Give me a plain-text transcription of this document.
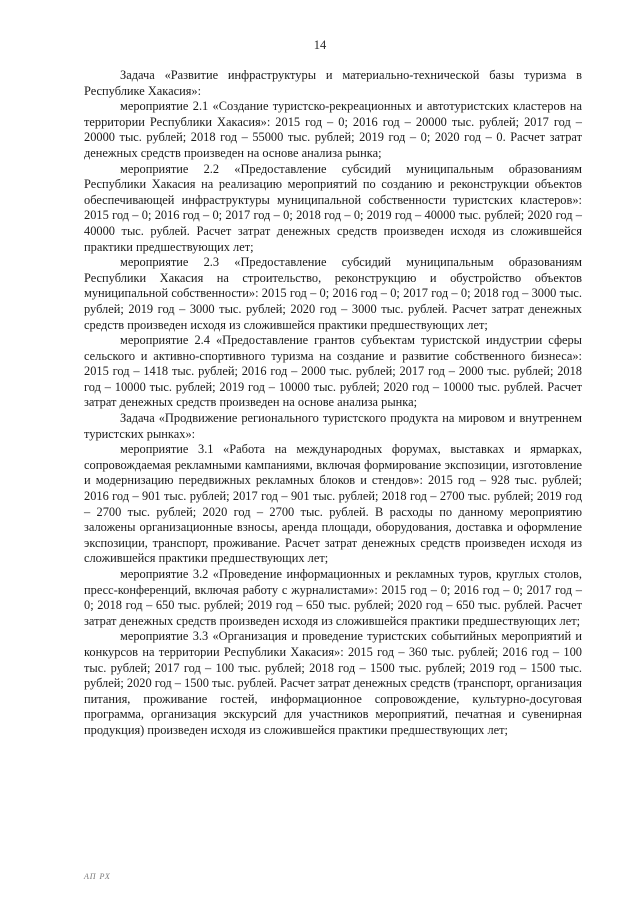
14

Задача «Развитие инфраструктуры и материально-технической базы туризма в Республике Хакасия»:

мероприятие 2.1 «Создание туристско-рекреационных и автотуристских кластеров на территории Республики Хакасия»: 2015 год – 0; 2016 год – 20000 тыс. рублей; 2017 год – 20000 тыс. рублей; 2018 год – 55000 тыс. рублей; 2019 год – 0; 2020 год – 0. Расчет затрат денежных средств произведен на основе анализа рынка;

мероприятие 2.2 «Предоставление субсидий муниципальным образованиям Республики Хакасия на реализацию мероприятий по созданию и реконструкции объектов обеспечивающей инфраструктуры муниципальной собственности туристских кластеров»: 2015 год – 0; 2016 год – 0; 2017 год – 0; 2018 год – 0; 2019 год – 40000 тыс. рублей; 2020 год – 40000 тыс. рублей. Расчет затрат денежных средств произведен исходя из сложившейся практики предшествующих лет;

мероприятие 2.3 «Предоставление субсидий муниципальным образованиям Республики Хакасия на строительство, реконструкцию и обустройство объектов муниципальной собственности»: 2015 год – 0; 2016 год – 0; 2017 год – 0; 2018 год – 3000 тыс. рублей; 2019 год – 3000 тыс. рублей; 2020 год – 3000 тыс. рублей. Расчет затрат денежных средств произведен исходя из сложившейся практики предшествующих лет;

мероприятие 2.4 «Предоставление грантов субъектам туристской индустрии сферы сельского и активно-спортивного туризма на создание и развитие собственного бизнеса»: 2015 год – 1418 тыс. рублей; 2016 год – 2000 тыс. рублей; 2017 год – 2000 тыс. рублей; 2018 год – 10000 тыс. рублей; 2019 год – 10000 тыс. рублей; 2020 год – 10000 тыс. рублей. Расчет затрат денежных средств произведен на основе анализа рынка;

Задача «Продвижение регионального туристского продукта на мировом и внутреннем туристских рынках»:

мероприятие 3.1 «Работа на международных форумах, выставках и ярмарках, сопровождаемая рекламными кампаниями, включая формирование экспозиции, изготовление и модернизацию передвижных рекламных блоков и стендов»: 2015 год – 928 тыс. рублей; 2016 год – 901 тыс. рублей; 2017 год – 901 тыс. рублей; 2018 год – 2700 тыс. рублей; 2019 год – 2700 тыс. рублей; 2020 год – 2700 тыс. рублей. В расходы по данному мероприятию заложены организационные взносы, аренда площади, оборудования, доставка и оформление экспозиции, транспорт, проживание. Расчет затрат денежных средств произведен исходя из сложившейся практики предшествующих лет;

мероприятие 3.2 «Проведение информационных и рекламных туров, круглых столов, пресс-конференций, включая работу с журналистами»: 2015 год – 0; 2016 год – 0; 2017 год – 0; 2018 год – 650 тыс. рублей; 2019 год – 650 тыс. рублей; 2020 год – 650 тыс. рублей. Расчет затрат денежных средств произведен исходя из сложившейся практики предшествующих лет;

мероприятие 3.3 «Организация и проведение туристских событийных мероприятий и конкурсов на территории Республики Хакасия»: 2015 год – 360 тыс. рублей; 2016 год – 100 тыс. рублей; 2017 год – 100 тыс. рублей; 2018 год – 1500 тыс. рублей; 2019 год – 1500 тыс. рублей; 2020 год – 1500 тыс. рублей. Расчет затрат денежных средств (транспорт, организация питания, проживание гостей, информационное сопровождение, культурно-досуговая программа, организация экскурсий для участников мероприятий, печатная и сувенирная продукция) произведен исходя из сложившейся практики предшествующих лет;

АП РХ
